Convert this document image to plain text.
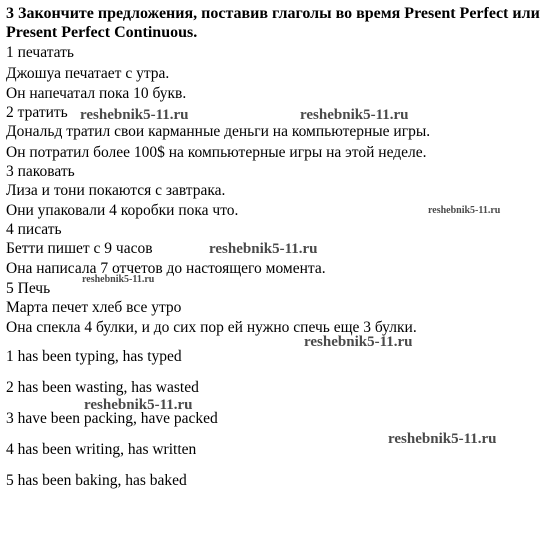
3 Закончите предложения, поставив глаголы во время Present Perfect или Present Perfect Continuous.
1 печатать
Джошуа печатает с утра.
Он напечатал пока 10 букв.
2 тратить
Дональд тратил свои карманные деньги на компьютерные игры.
Он потратил более 100$ на компьютерные игры на этой неделе.
3 паковать
Лиза и тони покаются с завтрака.
Они упаковали 4 коробки пока что.
4 писать
Бетти пишет с 9 часов
Она написала 7 отчетов до настоящего момента.
5 Печь
Марта печет хлеб все утро
Она спекла 4 булки, и до сих пор ей нужно спечь еще 3 булки.
1 has been typing, has typed
2 has been wasting, has wasted
3 have been packing, have packed
4 has been writing, has written
5 has been baking, has baked
reshebnik5-11.ru	reshebnik5-11.ru
reshebnik5-11.ru
reshebnik5-11.ru
reshebnik5-11.ru
reshebnik5-11.ru
reshebnik5-11.ru
reshebnik5-11.ru
